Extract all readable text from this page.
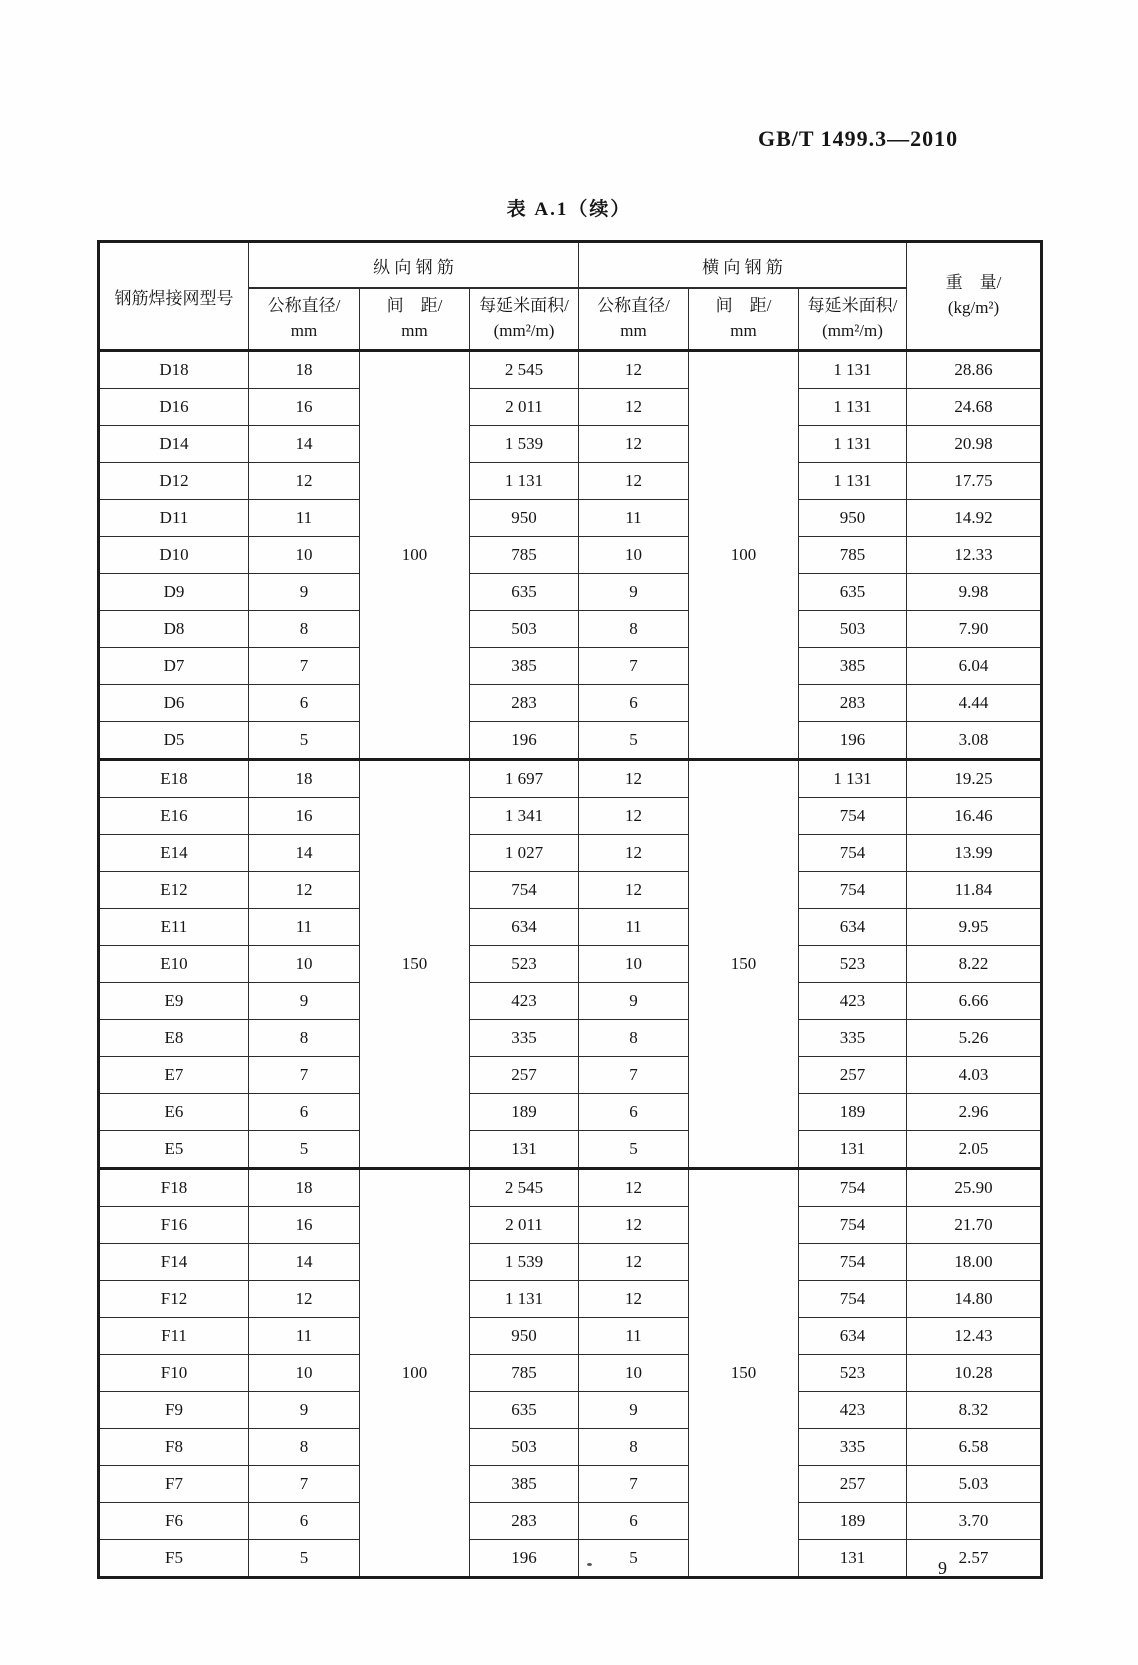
GB/T 1499.3—2010
表 A.1（续）
钢筋焊接网型号	纵 向 钢 筋			横 向 钢 筋			重　量/
(kg/m²)

	公称直径/
mm	间　距/
mm	每延米面积/
(mm²/m)	公称直径/
mm	间　距/
mm	每延米面积/
(mm²/m)	

D18	18	100	2 545	12	100	1 131	28.86
D16	16		2 011	12		1 131	24.68
D14	14		1 539	12		1 131	20.98
D12	12		1 131	12		1 131	17.75
D11	11		950	11		950	14.92
D10	10		785	10		785	12.33
D9	9		635	9		635	9.98
D8	8		503	8		503	7.90
D7	7		385	7		385	6.04
D6	6		283	6		283	4.44
D5	5		196	5		196	3.08
E18	18	150	1 697	12	150	1 131	19.25
E16	16		1 341	12		754	16.46
E14	14		1 027	12		754	13.99
E12	12		754	12		754	11.84
E11	11		634	11		634	9.95
E10	10		523	10		523	8.22
E9	9		423	9		423	6.66
E8	8		335	8		335	5.26
E7	7		257	7		257	4.03
E6	6		189	6		189	2.96
E5	5		131	5		131	2.05
F18	18	100	2 545	12	150	754	25.90
F16	16		2 011	12		754	21.70
F14	14		1 539	12		754	18.00
F12	12		1 131	12		754	14.80
F11	11		950	11		634	12.43
F10	10		785	10		523	10.28
F9	9		635	9		423	8.32
F8	8		503	8		335	6.58
F7	7		385	7		257	5.03
F6	6		283	6		189	3.70
F5	5		196	5		131	2.57
9
